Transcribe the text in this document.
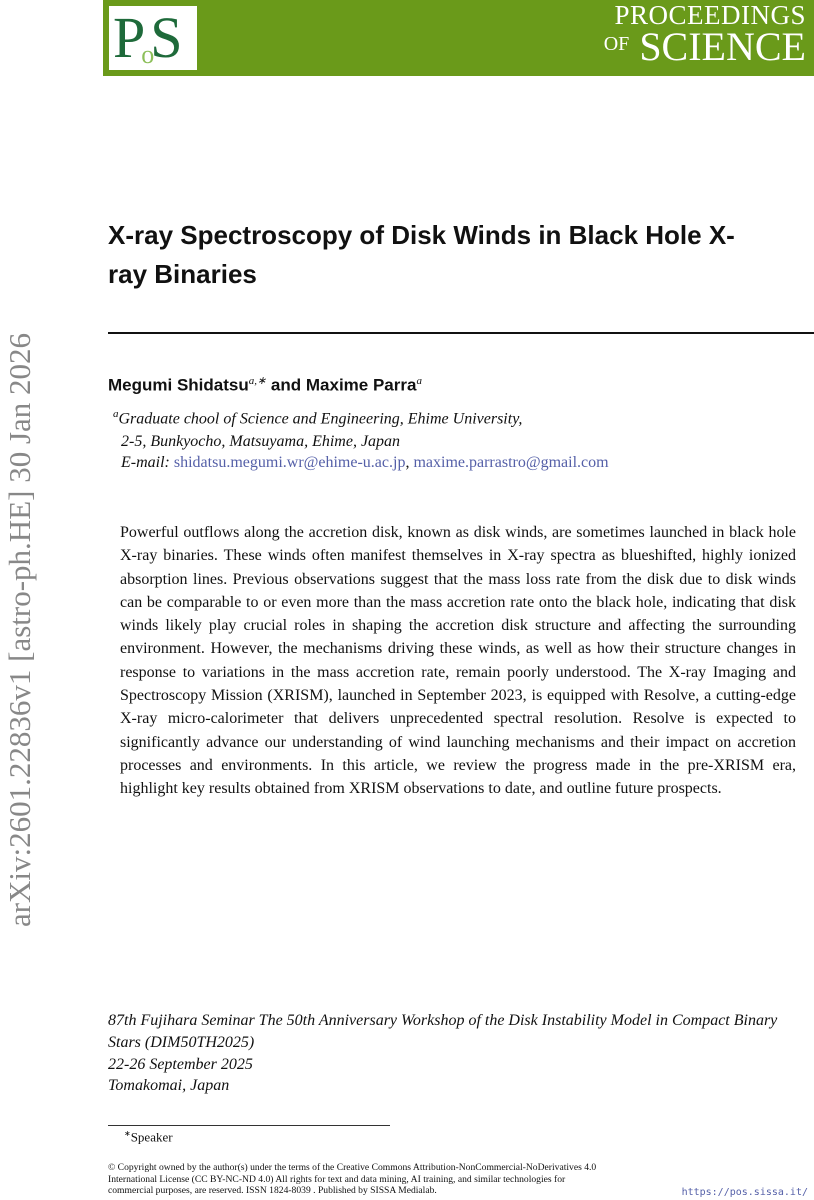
PoS	PROCEEDINGS
$^{OF}$ SCIENCE
arXiv:2601.22836v1 [astro-ph.HE] 30 Jan 2026
X-ray Spectroscopy of Disk Winds in Black Hole X-ray Binaries
Megumi Shidatsu$^{a,∗}$ and Maxime Parra$^a$
$^a$Graduate chool of Science and Engineering, Ehime University,
2-5, Bunkyocho, Matsuyama, Ehime, Japan
E-mail: shidatsu.megumi.wr@ehime-u.ac.jp, maxime.parrastro@gmail.com
Powerful outflows along the accretion disk, known as disk winds, are sometimes launched in black hole X-ray binaries. These winds often manifest themselves in X-ray spectra as blueshifted, highly ionized absorption lines. Previous observations suggest that the mass loss rate from the disk due to disk winds can be comparable to or even more than the mass accretion rate onto the black hole, indicating that disk winds likely play crucial roles in shaping the accretion disk structure and affecting the surrounding environment. However, the mechanisms driving these winds, as well as how their structure changes in response to variations in the mass accretion rate, remain poorly understood. The X-ray Imaging and Spectroscopy Mission (XRISM), launched in September 2023, is equipped with Resolve, a cutting-edge X-ray micro-calorimeter that delivers unprecedented spectral resolution. Resolve is expected to significantly advance our understanding of wind launching mechanisms and their impact on accretion processes and environments. In this article, we review the progress made in the pre-XRISM era, highlight key results obtained from XRISM observations to date, and outline future prospects.
87th Fujihara Seminar The 50th Anniversary Workshop of the Disk Instability Model in Compact Binary Stars (DIM50TH2025)
22-26 September 2025
Tomakomai, Japan
∗Speaker
© Copyright owned by the author(s) under the terms of the Creative Commons Attribution-NonCommercial-NoDerivatives 4.0 International License (CC BY-NC-ND 4.0) All rights for text and data mining, AI training, and similar technologies for commercial purposes, are reserved. ISSN 1824-8039 . Published by SISSA Medialab.	https://pos.sissa.it/
